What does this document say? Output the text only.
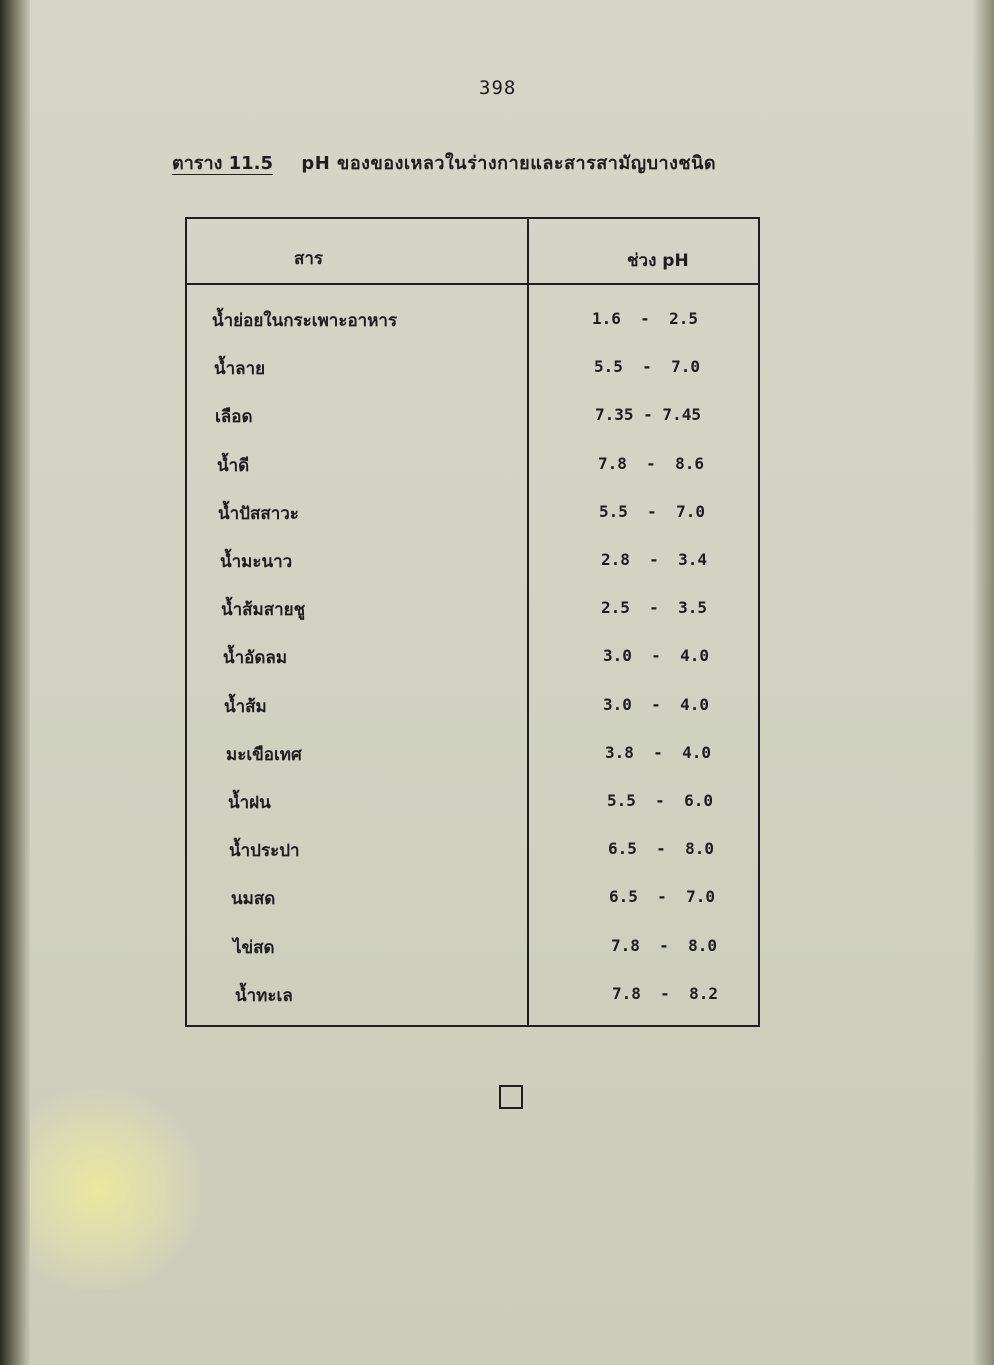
398
ตาราง 11.5 pH ของของเหลวในร่างกายและสารสามัญบางชนิด
สาร	ช่วง pH
น้ำย่อยในกระเพาะอาหาร	1.6  -  2.5
น้ำลาย	5.5  -  7.0
เลือด	7.35 - 7.45
น้ำดี	7.8  -  8.6
น้ำปัสสาวะ	5.5  -  7.0
น้ำมะนาว	2.8  -  3.4
น้ำส้มสายชู	2.5  -  3.5
น้ำอัดลม	3.0  -  4.0
น้ำส้ม	3.0  -  4.0
มะเขือเทศ	3.8  -  4.0
น้ำฝน	5.5  -  6.0
น้ำประปา	6.5  -  8.0
นมสด	6.5  -  7.0
ไข่สด	7.8  -  8.0
น้ำทะเล	7.8  -  8.2
